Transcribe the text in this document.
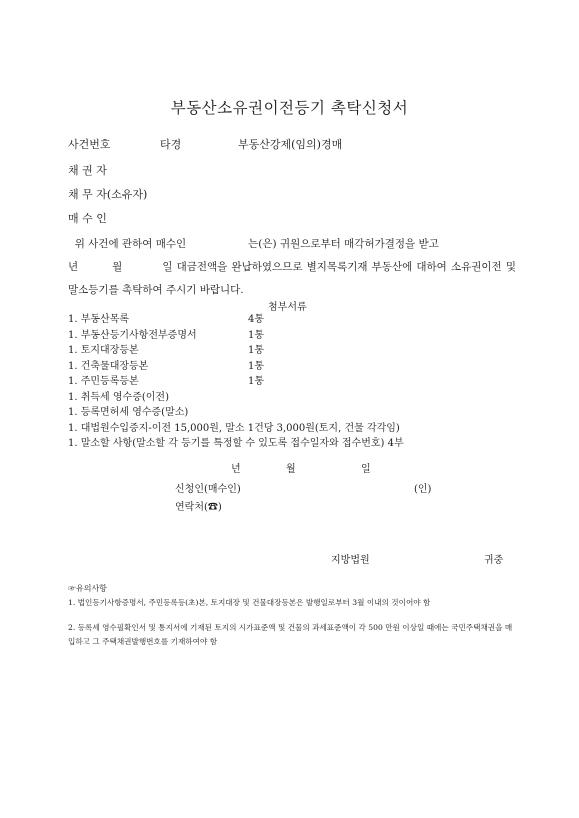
부동산소유권이전등기 촉탁신청서
사건번호	타경	부동산강제(임의)경매
채 권 자
채 무 자(소유자)
매 수 인
위 사건에 관하여 매수인	는(은) 귀원으로부터 매각허가결정을 받고
년	월	일 대금전액을 완납하였으므로 별지목록기재 부동산에 대하여 소유권이전 및 말소등기를 촉탁하여 주시기 바랍니다.
첨부서류
1. 부동산목록	4통
1. 부동산등기사항전부증명서	1통
1. 토지대장등본	1통
1. 건축물대장등본	1통
1. 주민등록등본	1통
1. 취득세 영수증(이전)
1. 등록면허세 영수증(말소)
1. 대법원수입증지-이전 15,000원, 말소 1건당 3,000원(토지, 건물 각각임)
1. 말소할 사항(말소할 각 등기를 특정할 수 있도록 접수일자와 접수번호) 4부
년	월	일
신청인(매수인)	(인)
연락처(☎)
지방법원	귀중
☞유의사항
1. 법인등기사항증명서, 주민등록등(초)본, 토지대장 및 건물대장등본은 발행일로부터 3월 이내의 것이어야 함
2. 등록세 영수필확인서 및 통지서에 기재된 토지의 시가표준액 및 건물의 과세표준액이 각 500 만원 이상일 때에는 국민주택채권을 매입하고 그 주택채권발행번호를 기재하여야 함
